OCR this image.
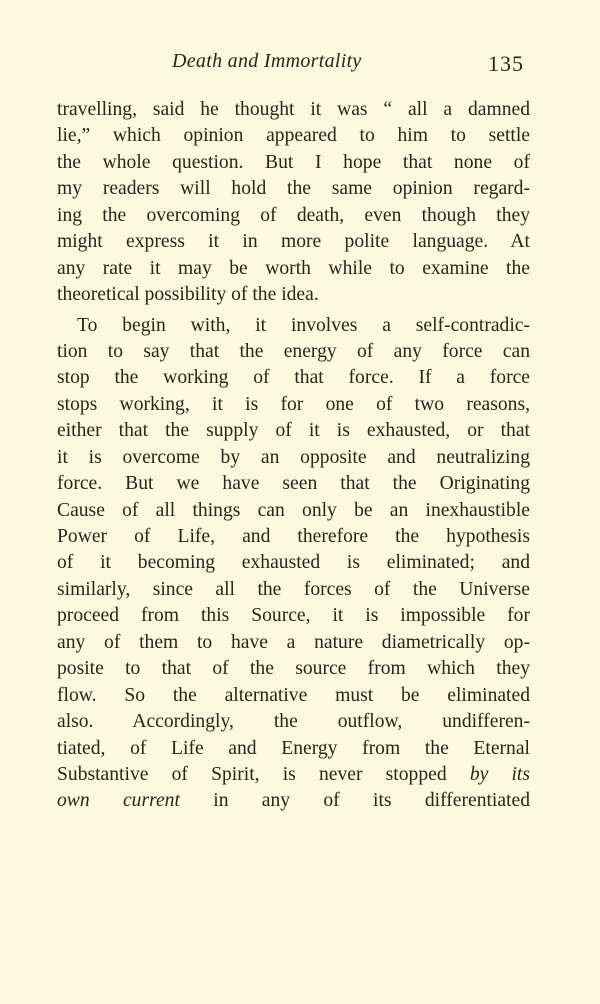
Death and Immortality	135
travelling, said he thought it was “ all a damned
lie,” which opinion appeared to him to settle
the whole question. But I hope that none of
my readers will hold the same opinion regard-
ing the overcoming of death, even though they
might express it in more polite language. At
any rate it may be worth while to examine the
theoretical possibility of the idea.
To begin with, it involves a self-contradic-
tion to say that the energy of any force can
stop the working of that force. If a force
stops working, it is for one of two reasons,
either that the supply of it is exhausted, or that
it is overcome by an opposite and neutralizing
force. But we have seen that the Originating
Cause of all things can only be an inexhaustible
Power of Life, and therefore the hypothesis
of it becoming exhausted is eliminated; and
similarly, since all the forces of the Universe
proceed from this Source, it is impossible for
any of them to have a nature diametrically op-
posite to that of the source from which they
flow. So the alternative must be eliminated
also. Accordingly, the outflow, undifferen-
tiated, of Life and Energy from the Eternal
Substantive of Spirit, is never stopped by its
own current in any of its differentiated
